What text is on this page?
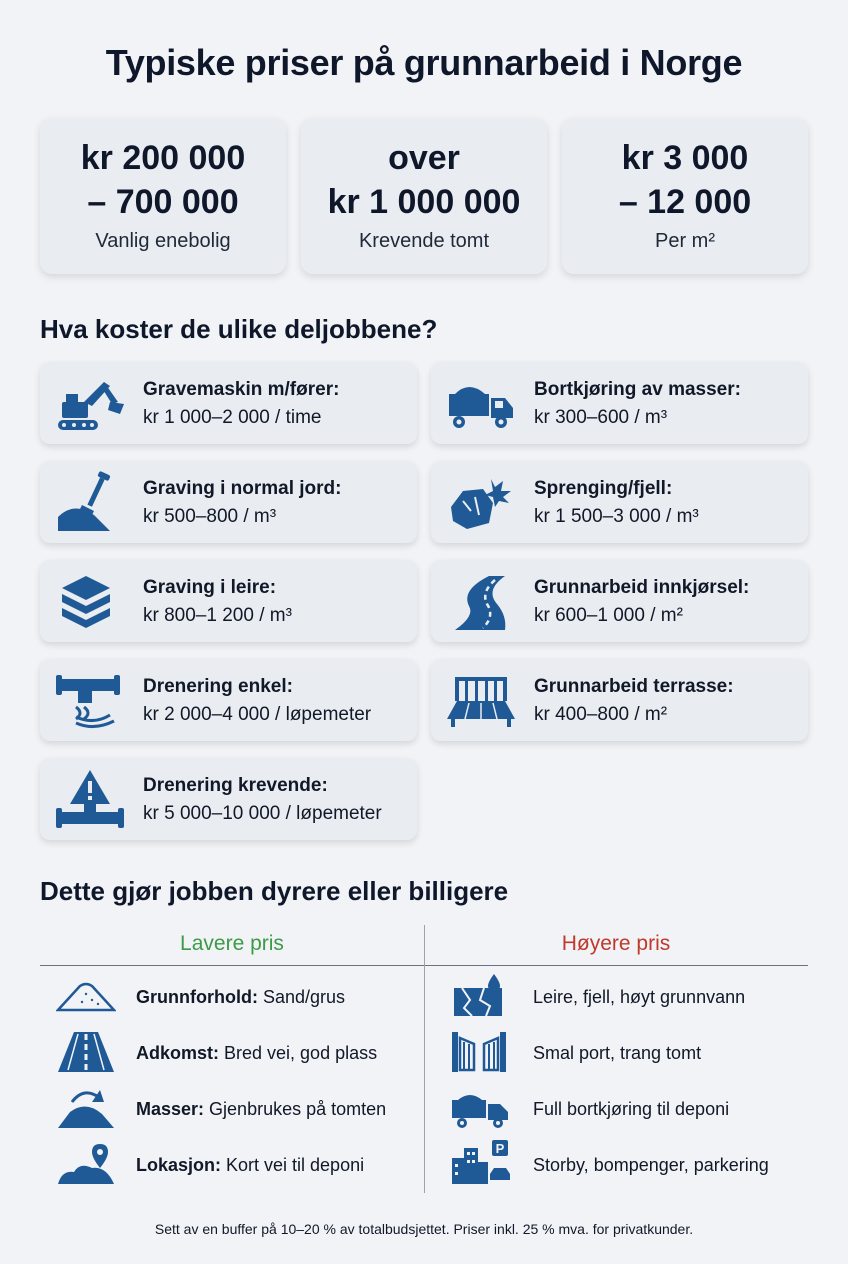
Typiske priser på grunnarbeid i Norge
kr 200 000
– 700 000
Vanlig enebolig
over
kr 1 000 000
Krevende tomt
kr 3 000
– 12 000
Per m²
Hva koster de ulike deljobbene?
Gravemaskin m/fører:
kr 1 000–2 000 / time
Bortkjøring av masser:
kr 300–600 / m³
Graving i normal jord:
kr 500–800 / m³
Sprenging/fjell:
kr 1 500–3 000 / m³
Graving i leire:
kr 800–1 200 / m³
Grunnarbeid innkjørsel:
kr 600–1 000 / m²
Drenering enkel:
kr 2 000–4 000 / løpemeter
Grunnarbeid terrasse:
kr 400–800 / m²
Drenering krevende:
kr 5 000–10 000 / løpemeter
Dette gjør jobben dyrere eller billigere
Lavere pris	Høyere pris
Grunnforhold: Sand/grus
Adkomst: Bred vei, god plass
Masser: Gjenbrukes på tomten
Lokasjon: Kort vei til deponi
Leire, fjell, høyt grunnvann
Smal port, trang tomt
Full bortkjøring til deponi
P
Storby, bompenger, parkering
Sett av en buffer på 10–20 % av totalbudsjettet. Priser inkl. 25 % mva. for privatkunder.
